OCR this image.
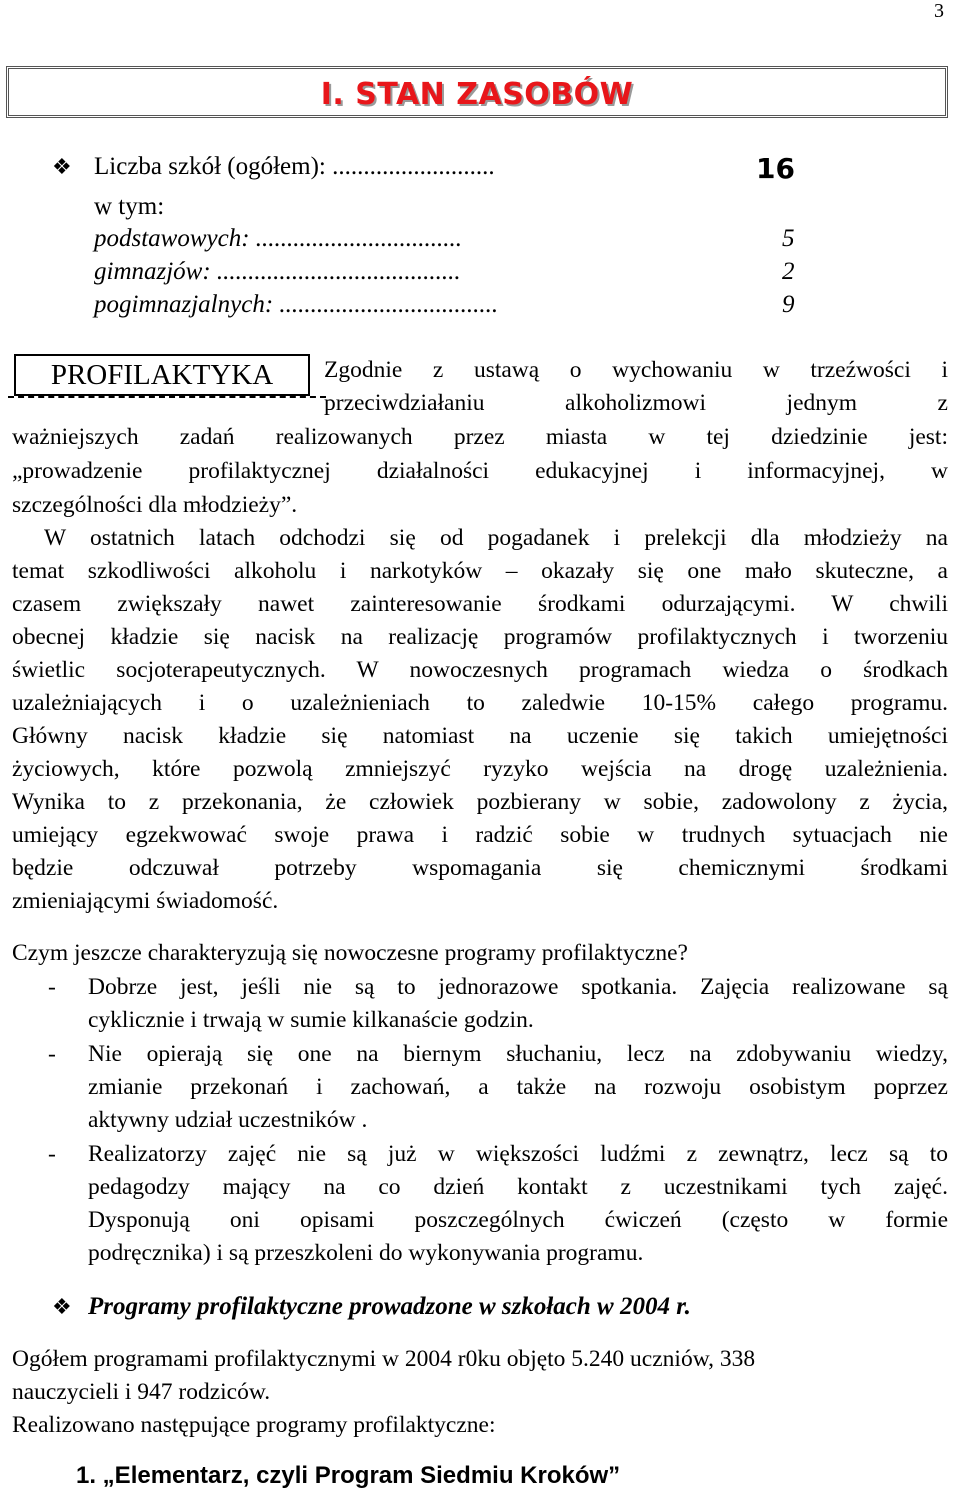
3
I. STAN ZASOBÓW
❖ Liczba szkół (ogółem): ..........................	16
w tym:
podstawowych: .................................	5
gimnazjów: .......................................	2
pogimnazjalnych: ...................................	9
PROFILAKTYKA	Zgodnie z ustawą o wychowaniu w trzeźwości i
przeciwdziałaniu alkoholizmowi jednym z
ważniejszych zadań realizowanych przez miasta w tej dziedzinie jest:
„prowadzenie profilaktycznej działalności edukacyjnej i informacyjnej, w
szczególności dla młodzieży”.
W ostatnich latach odchodzi się od pogadanek i prelekcji dla młodzieży na
temat szkodliwości alkoholu i narkotyków – okazały się one mało skuteczne, a
czasem zwiększały nawet zainteresowanie środkami odurzającymi. W chwili
obecnej kładzie się nacisk na realizację programów profilaktycznych i tworzeniu
świetlic socjoterapeutycznych. W nowoczesnych programach wiedza o środkach
uzależniających i o uzależnieniach to zaledwie 10-15% całego programu.
Główny nacisk kładzie się natomiast na uczenie się takich umiejętności
życiowych, które pozwolą zmniejszyć ryzyko wejścia na drogę uzależnienia.
Wynika to z przekonania, że człowiek pozbierany w sobie, zadowolony z życia,
umiejący egzekwować swoje prawa i radzić sobie w trudnych sytuacjach nie
będzie odczuwał potrzeby wspomagania się chemicznymi środkami
zmieniającymi świadomość.
Czym jeszcze charakteryzują się nowoczesne programy profilaktyczne?
- Dobrze jest, jeśli nie są to jednorazowe spotkania. Zajęcia realizowane są
cyklicznie i trwają w sumie kilkanaście godzin.
- Nie opierają się one na biernym słuchaniu, lecz na zdobywaniu wiedzy,
zmianie przekonań i zachowań, a także na rozwoju osobistym poprzez
aktywny udział uczestników .
- Realizatorzy zajęć nie są już w większości ludźmi z zewnątrz, lecz są to
pedagodzy mający na co dzień kontakt z uczestnikami tych zajęć.
Dysponują oni opisami poszczególnych ćwiczeń (często w formie
podręcznika) i są przeszkoleni do wykonywania programu.
❖ Programy profilaktyczne prowadzone w szkołach w 2004 r.
Ogółem programami profilaktycznymi w 2004 r0ku objęto 5.240 uczniów, 338
nauczycieli i 947 rodziców.
Realizowano następujące programy profilaktyczne:
1. „Elementarz, czyli Program Siedmiu Kroków”
